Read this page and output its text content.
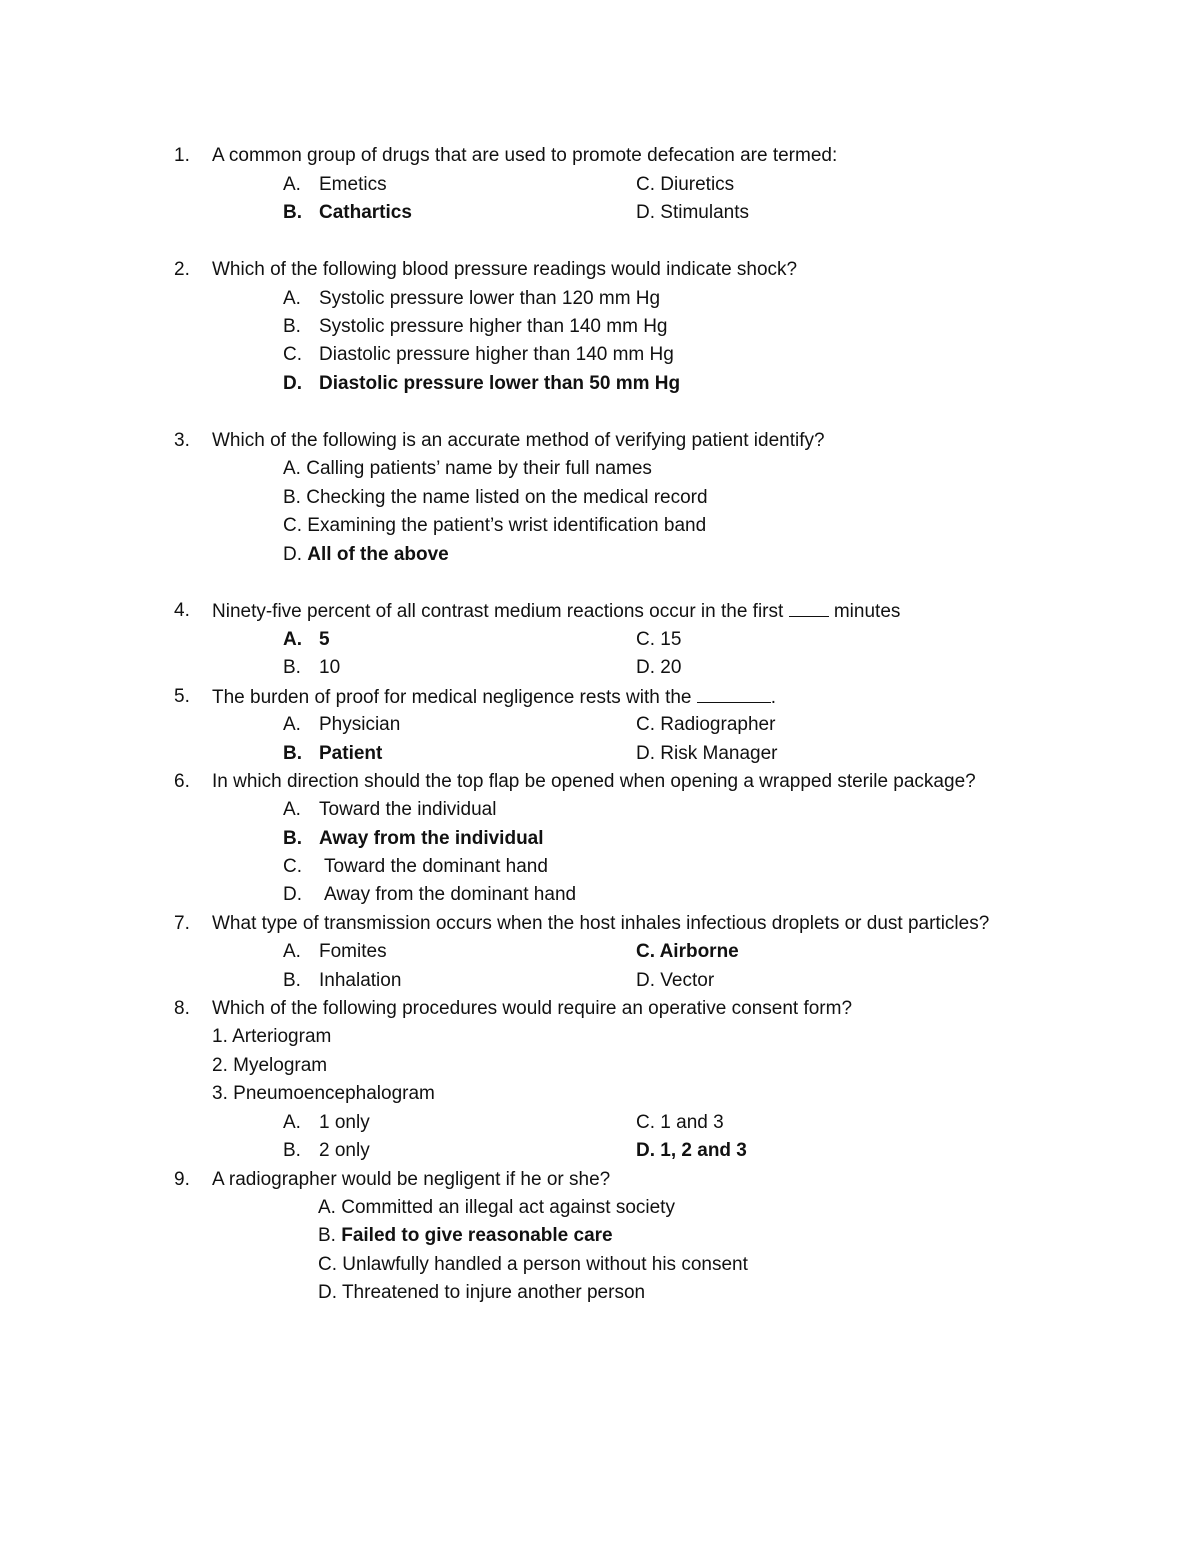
1. A common group of drugs that are used to promote defecation are termed:
A. Emetics
B. Cathartics
C. Diuretics
D. Stimulants
2. Which of the following blood pressure readings would indicate shock?
A. Systolic pressure lower than 120 mm Hg
B. Systolic pressure higher than 140 mm Hg
C. Diastolic pressure higher than 140 mm Hg
D. Diastolic pressure lower than 50 mm Hg
3. Which of the following is an accurate method of verifying patient identify?
A. Calling patients’ name by their full names
B. Checking the name listed on the medical record
C. Examining the patient’s wrist identification band
D. All of the above
4. Ninety-five percent of all contrast medium reactions occur in the first  minutes
A. 5
B. 10
C. 15
D. 20
5. The burden of proof for medical negligence rests with the	.
A. Physician
B. Patient
C. Radiographer
D. Risk Manager
6. In which direction should the top flap be opened when opening a wrapped sterile package?
A. Toward the individual
B. Away from the individual
C. Toward the dominant hand
D. Away from the dominant hand
7. What type of transmission occurs when the host inhales infectious droplets or dust particles?
A. Fomites
B. Inhalation
C. Airborne
D. Vector
8. Which of the following procedures would require an operative consent form?
1. Arteriogram
2. Myelogram
3. Pneumoencephalogram
A. 1 only
B. 2 only
C. 1 and 3
D. 1, 2 and 3
9. A radiographer would be negligent if he or she?
A. Committed an illegal act against society
B. Failed to give reasonable care
C. Unlawfully handled a person without his consent
D. Threatened to injure another person
